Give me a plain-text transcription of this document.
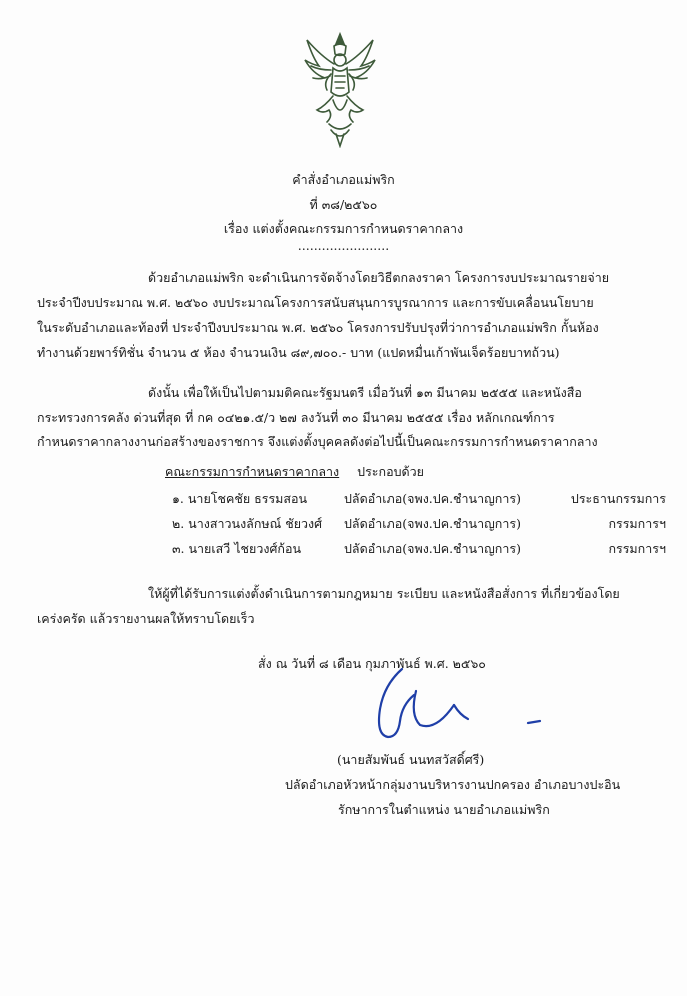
คำสั่งอำเภอแม่พริก
ที่ ๓๘/๒๕๖๐
เรื่อง แต่งตั้งคณะกรรมการกำหนดราคากลาง
.......................
ด้วยอำเภอแม่พริก จะดำเนินการจัดจ้างโดยวิธีตกลงราคา โครงการงบประมาณรายจ่าย
ประจำปีงบประมาณ พ.ศ. ๒๕๖๐ งบประมาณโครงการสนับสนุนการบูรณาการ และการขับเคลื่อนนโยบาย
ในระดับอำเภอและท้องที่ ประจำปีงบประมาณ พ.ศ. ๒๕๖๐ โครงการปรับปรุงที่ว่าการอำเภอแม่พริก กั้นห้อง
ทำงานด้วยพาร์ทิชั่น จำนวน ๕ ห้อง จำนวนเงิน ๘๙,๗๐๐.- บาท (แปดหมื่นเก้าพันเจ็ดร้อยบาทถ้วน)
ดังนั้น เพื่อให้เป็นไปตามมติคณะรัฐมนตรี เมื่อวันที่ ๑๓ มีนาคม ๒๕๕๕ และหนังสือ
กระทรวงการคลัง ด่วนที่สุด ที่ กค ๐๔๒๑.๕/ว ๒๗ ลงวันที่ ๓๐ มีนาคม ๒๕๕๕ เรื่อง หลักเกณฑ์การ
กำหนดราคากลางงานก่อสร้างของราชการ จึงแต่งตั้งบุคคลดังต่อไปนี้เป็นคณะกรรมการกำหนดราคากลาง
คณะกรรมการกำหนดราคากลาง ประกอบด้วย
๑. นายโชคชัย ธรรมสอน	ปลัดอำเภอ(จพง.ปค.ชำนาญการ)	ประธานกรรมการ
๒. นางสาวนงลักษณ์ ชัยวงศ์ ปลัดอำเภอ(จพง.ปค.ชำนาญการ)	กรรมการฯ
๓. นายเสวี ไชยวงศ์ก้อน	ปลัดอำเภอ(จพง.ปค.ชำนาญการ)	กรรมการฯ
ให้ผู้ที่ได้รับการแต่งตั้งดำเนินการตามกฎหมาย ระเบียบ และหนังสือสั่งการ ที่เกี่ยวข้องโดย
เคร่งครัด แล้วรายงานผลให้ทราบโดยเร็ว
สั่ง ณ วันที่ ๘ เดือน กุมภาพันธ์ พ.ศ. ๒๕๖๐
(นายสัมพันธ์ นนทสวัสดิ์ศรี)
ปลัดอำเภอหัวหน้ากลุ่มงานบริหารงานปกครอง อำเภอบางปะอิน
รักษาการในตำแหน่ง นายอำเภอแม่พริก
